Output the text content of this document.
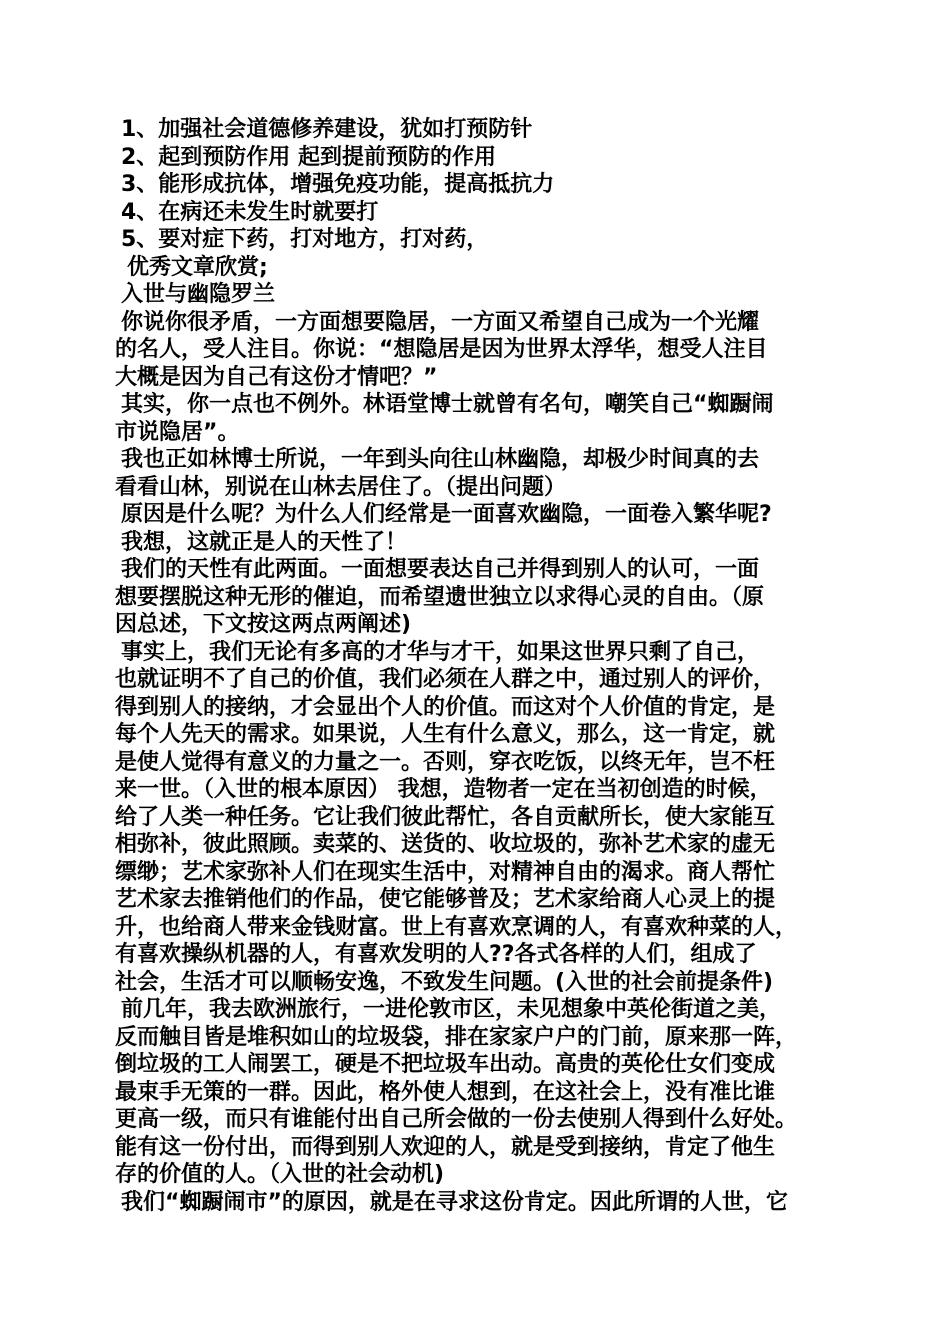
1、加强社会道德修养建设，犹如打预防针
2、起到预防作用 起到提前预防的作用
3、能形成抗体，增强免疫功能，提高抵抗力
4、在病还未发生时就要打
5、要对症下药，打对地方，打对药，
优秀文章欣赏;
入世与幽隐罗兰
你说你很矛盾，一方面想要隐居，一方面又希望自己成为一个光耀
的名人，受人注目。你说：“想隐居是因为世界太浮华，想受人注目
大概是因为自己有这份才情吧？”
其实，你一点也不例外。林语堂博士就曾有名句，嘲笑自己“蜘蹰闹
市说隐居”。
我也正如林博士所说，一年到头向往山林幽隐，却极少时间真的去
看看山林，别说在山林去居住了。（提出问题）
原因是什么呢？为什么人们经常是一面喜欢幽隐，一面卷入繁华呢?
我想，这就正是人的天性了！
我们的天性有此两面。一面想要表达自己并得到别人的认可，一面
想要摆脱这种无形的催迫，而希望遗世独立以求得心灵的自由。（原
因总述，下文按这两点两阐述)
事实上，我们无论有多高的才华与才干，如果这世界只剩了自己，
也就证明不了自己的价值，我们必须在人群之中，通过别人的评价，
得到别人的接纳，才会显出个人的价值。而这对个人价值的肯定，是
每个人先天的需求。如果说，人生有什么意义，那么，这一肯定，就
是使人觉得有意义的力量之一。否则，穿衣吃饭，以终无年，岂不枉
来一世。（入世的根本原因） 我想，造物者一定在当初创造的时候，
给了人类一种任务。它让我们彼此帮忙，各自贡献所长，使大家能互
相弥补，彼此照顾。卖菜的、送货的、收垃圾的，弥补艺术家的虚无
缥缈；艺术家弥补人们在现实生活中，对精神自由的渴求。商人帮忙
艺术家去推销他们的作品，使它能够普及；艺术家给商人心灵上的提
升，也给商人带来金钱财富。世上有喜欢烹调的人，有喜欢种菜的人，
有喜欢操纵机器的人，有喜欢发明的人??各式各样的人们，组成了
社会，生活才可以顺畅安逸，不致发生问题。(入世的社会前提条件)
前几年，我去欧洲旅行，一进伦敦市区，未见想象中英伦街道之美，
反而触目皆是堆积如山的垃圾袋，排在家家户户的门前，原来那一阵，
倒垃圾的工人闹罢工，硬是不把垃圾车出动。高贵的英伦仕女们变成
最束手无策的一群。因此，格外使人想到，在这社会上，没有准比谁
更高一级，而只有谁能付出自己所会做的一份去使别人得到什么好处。
能有这一份付出，而得到别人欢迎的人，就是受到接纳，肯定了他生
存的价值的人。（入世的社会动机)
我们“蜘蹰闹市”的原因，就是在寻求这份肯定。因此所谓的人世，它
